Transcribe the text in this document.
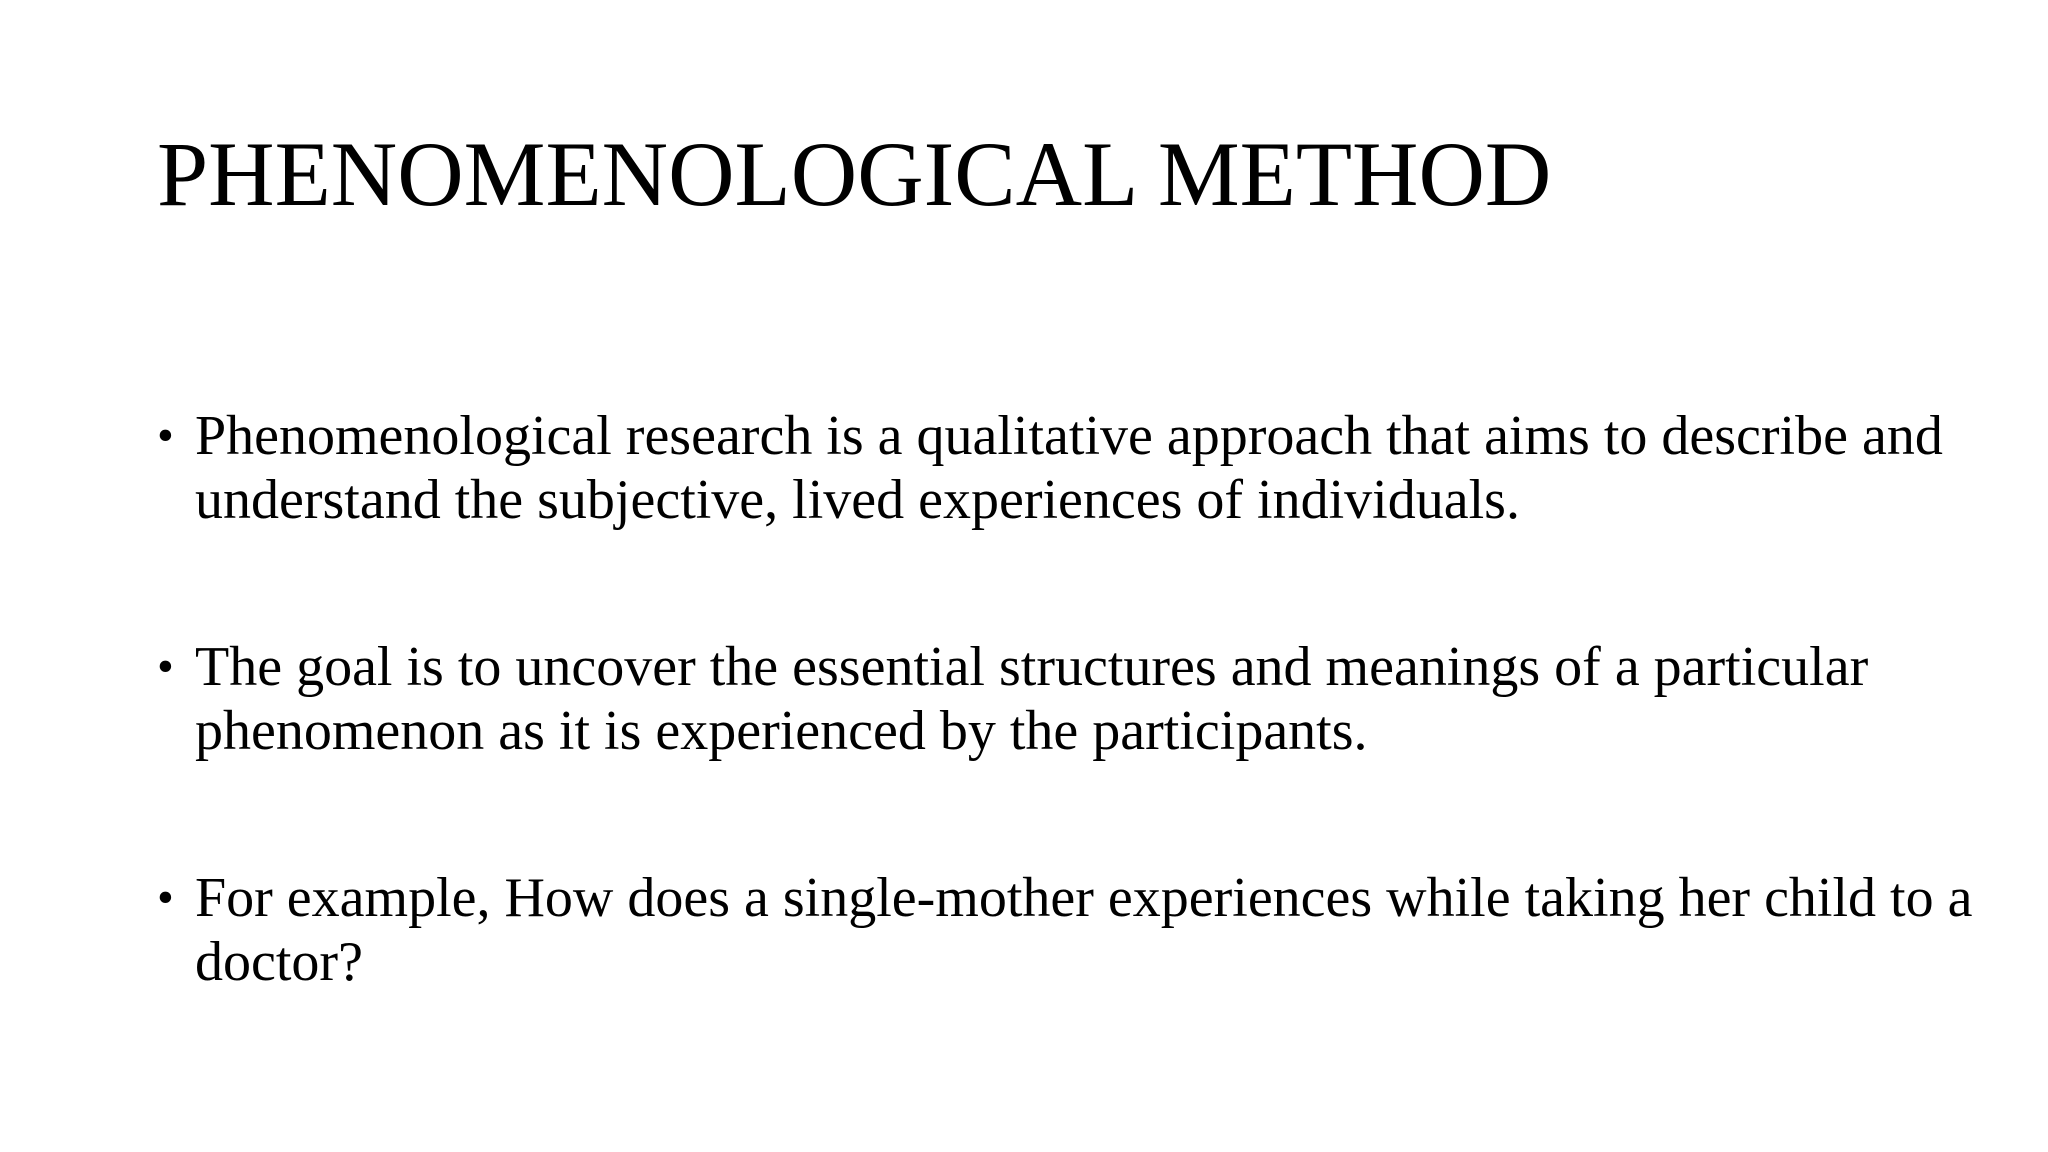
PHENOMENOLOGICAL METHOD
• Phenomenological research is a qualitative approach that aims to describe and understand the subjective, lived experiences of individuals.
• The goal is to uncover the essential structures and meanings of a particular phenomenon as it is experienced by the participants.
• For example, How does a single-mother experiences while taking her child to a doctor?
